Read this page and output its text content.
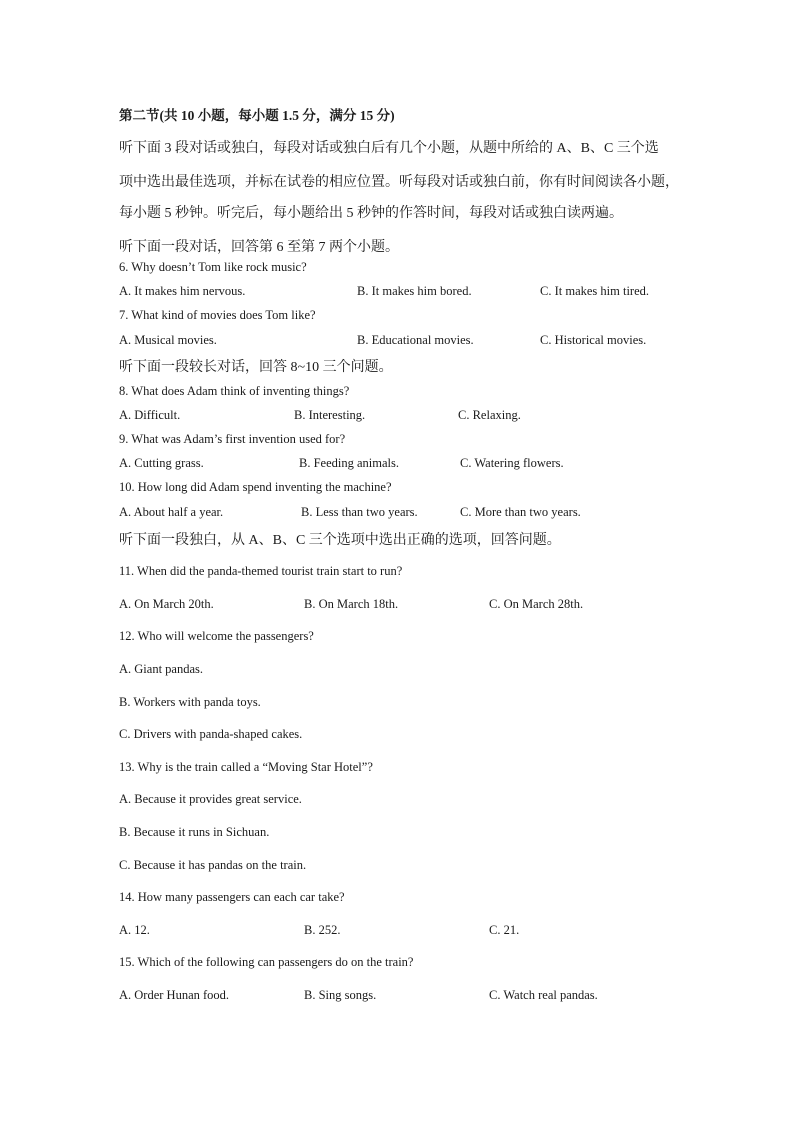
第二节(共 10 小题，每小题 1.5 分，满分 15 分)
听下面 3 段对话或独白，每段对话或独白后有几个小题，从题中所给的 A、B、C 三个选
项中选出最佳选项，并标在试卷的相应位置。听每段对话或独白前，你有时间阅读各小题，
每小题 5 秒钟。听完后，每小题给出 5 秒钟的作答时间，每段对话或独白读两遍。
听下面一段对话，回答第 6 至第 7 两个小题。
6. Why doesn’t Tom like rock music?
A. It makes him nervous.	B. It makes him bored.	C. It makes him tired.
7. What kind of movies does Tom like?
A. Musical movies.	B. Educational movies.	C. Historical movies.
听下面一段较长对话，回答 8~10 三个问题。
8. What does Adam think of inventing things?
A. Difficult.	B. Interesting.	C. Relaxing.
9. What was Adam’s first invention used for?
A. Cutting grass.	B. Feeding animals.	C. Watering flowers.
10. How long did Adam spend inventing the machine?
A. About half a year.	B. Less than two years.	C. More than two years.
听下面一段独白，从 A、B、C 三个选项中选出正确的选项，回答问题。
11. When did the panda-themed tourist train start to run?
A. On March 20th.	B. On March 18th.	C. On March 28th.
12. Who will welcome the passengers?
A. Giant pandas.
B. Workers with panda toys.
C. Drivers with panda-shaped cakes.
13. Why is the train called a “Moving Star Hotel”?
A. Because it provides great service.
B. Because it runs in Sichuan.
C. Because it has pandas on the train.
14. How many passengers can each car take?
A. 12.	B. 252.	C. 21.
15. Which of the following can passengers do on the train?
A. Order Hunan food.	B. Sing songs.	C. Watch real pandas.
